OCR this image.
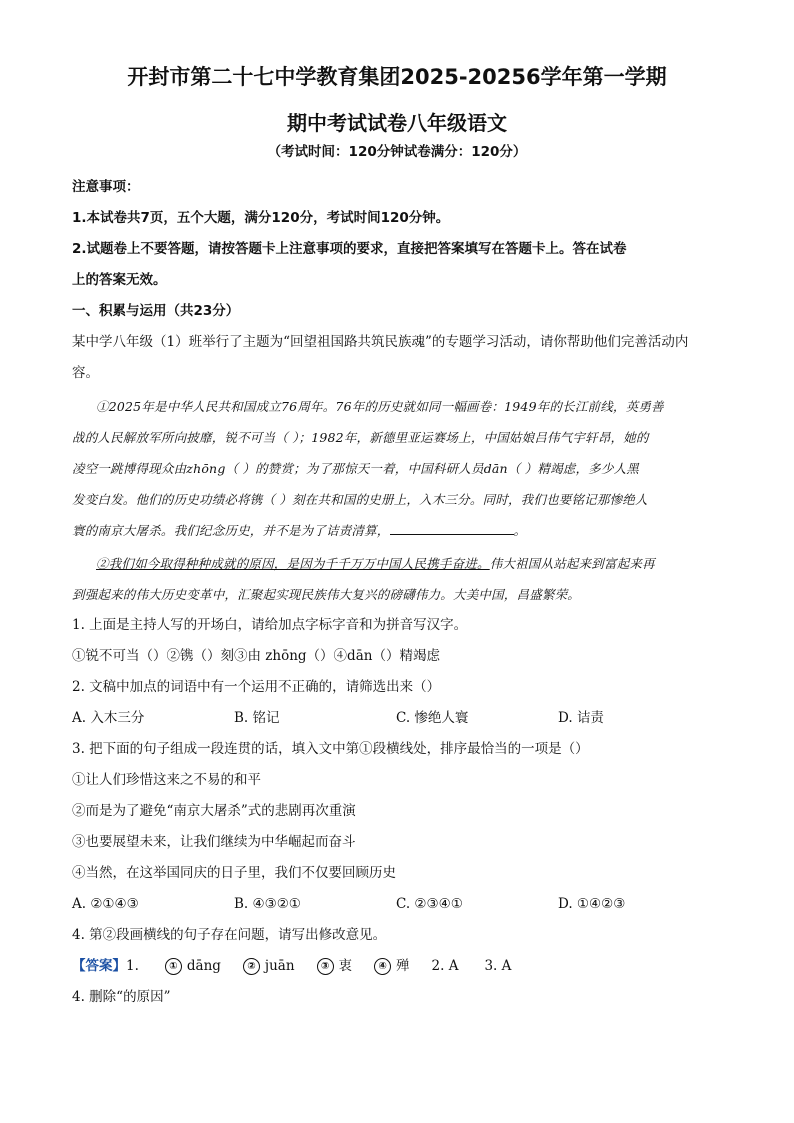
开封市第二十七中学教育集团2025-20256学年第一学期
期中考试试卷八年级语文
（考试时间：120分钟试卷满分：120分）
注意事项：
1.本试卷共7页，五个大题，满分120分，考试时间120分钟。
2.试题卷上不要答题，请按答题卡上注意事项的要求，直接把答案填写在答题卡上。答在试卷
上的答案无效。
一、积累与运用（共23分）
某中学八年级（1）班举行了主题为“回望祖国路共筑民族魂”的专题学习活动，请你帮助他们完善活动内
容。
①2025年是中华人民共和国成立76周年。76年的历史就如同一幅画卷：1949年的长江前线，英勇善
战的人民解放军所向披靡，锐不可当（ ）；1982年，新德里亚运赛场上，中国姑娘吕伟气宇轩昂，她的
凌空一跳博得现众由zhōng（ ）的赞赏；为了那惊天一着，中国科研人员dān（ ）精竭虑，多少人黑
发变白发。他们的历史功绩必将镌（ ）刻在共和国的史册上，入木三分。同时，我们也要铭记那惨绝人
寰的南京大屠杀。我们纪念历史，并不是为了诘责清算，	。
②我们如今取得种种成就的原因，是因为千千万万中国人民携手奋进。伟大祖国从站起来到富起来再
到强起来的伟大历史变革中，汇聚起实现民族伟大复兴的磅礴伟力。大美中国，昌盛繁荣。
1. 上面是主持人写的开场白，请给加点字标字音和为拼音写汉字。
①锐不可当（）②镌（）刻③由 zhōng（）④dān（）精竭虑
2. 文稿中加点的词语中有一个运用不正确的，请筛选出来（）
A. 入木三分	B. 铭记	C. 惨绝人寰	D. 诘责
3. 把下面的句子组成一段连贯的话，填入文中第①段横线处，排序最恰当的一项是（）
①让人们珍惜这来之不易的和平
②而是为了避免“南京大屠杀”式的悲剧再次重演
③也要展望未来，让我们继续为中华崛起而奋斗
④当然，在这举国同庆的日子里，我们不仅要回顾历史
A. ②①④③	B. ④③②①	C. ②③④①	D. ①④②③
4. 第②段画横线的句子存在问题，请写出修改意见。
【答案】 1.	① dāng	② juān	③ 衷	④ 殚 2. A 3. A
4. 删除“的原因”
